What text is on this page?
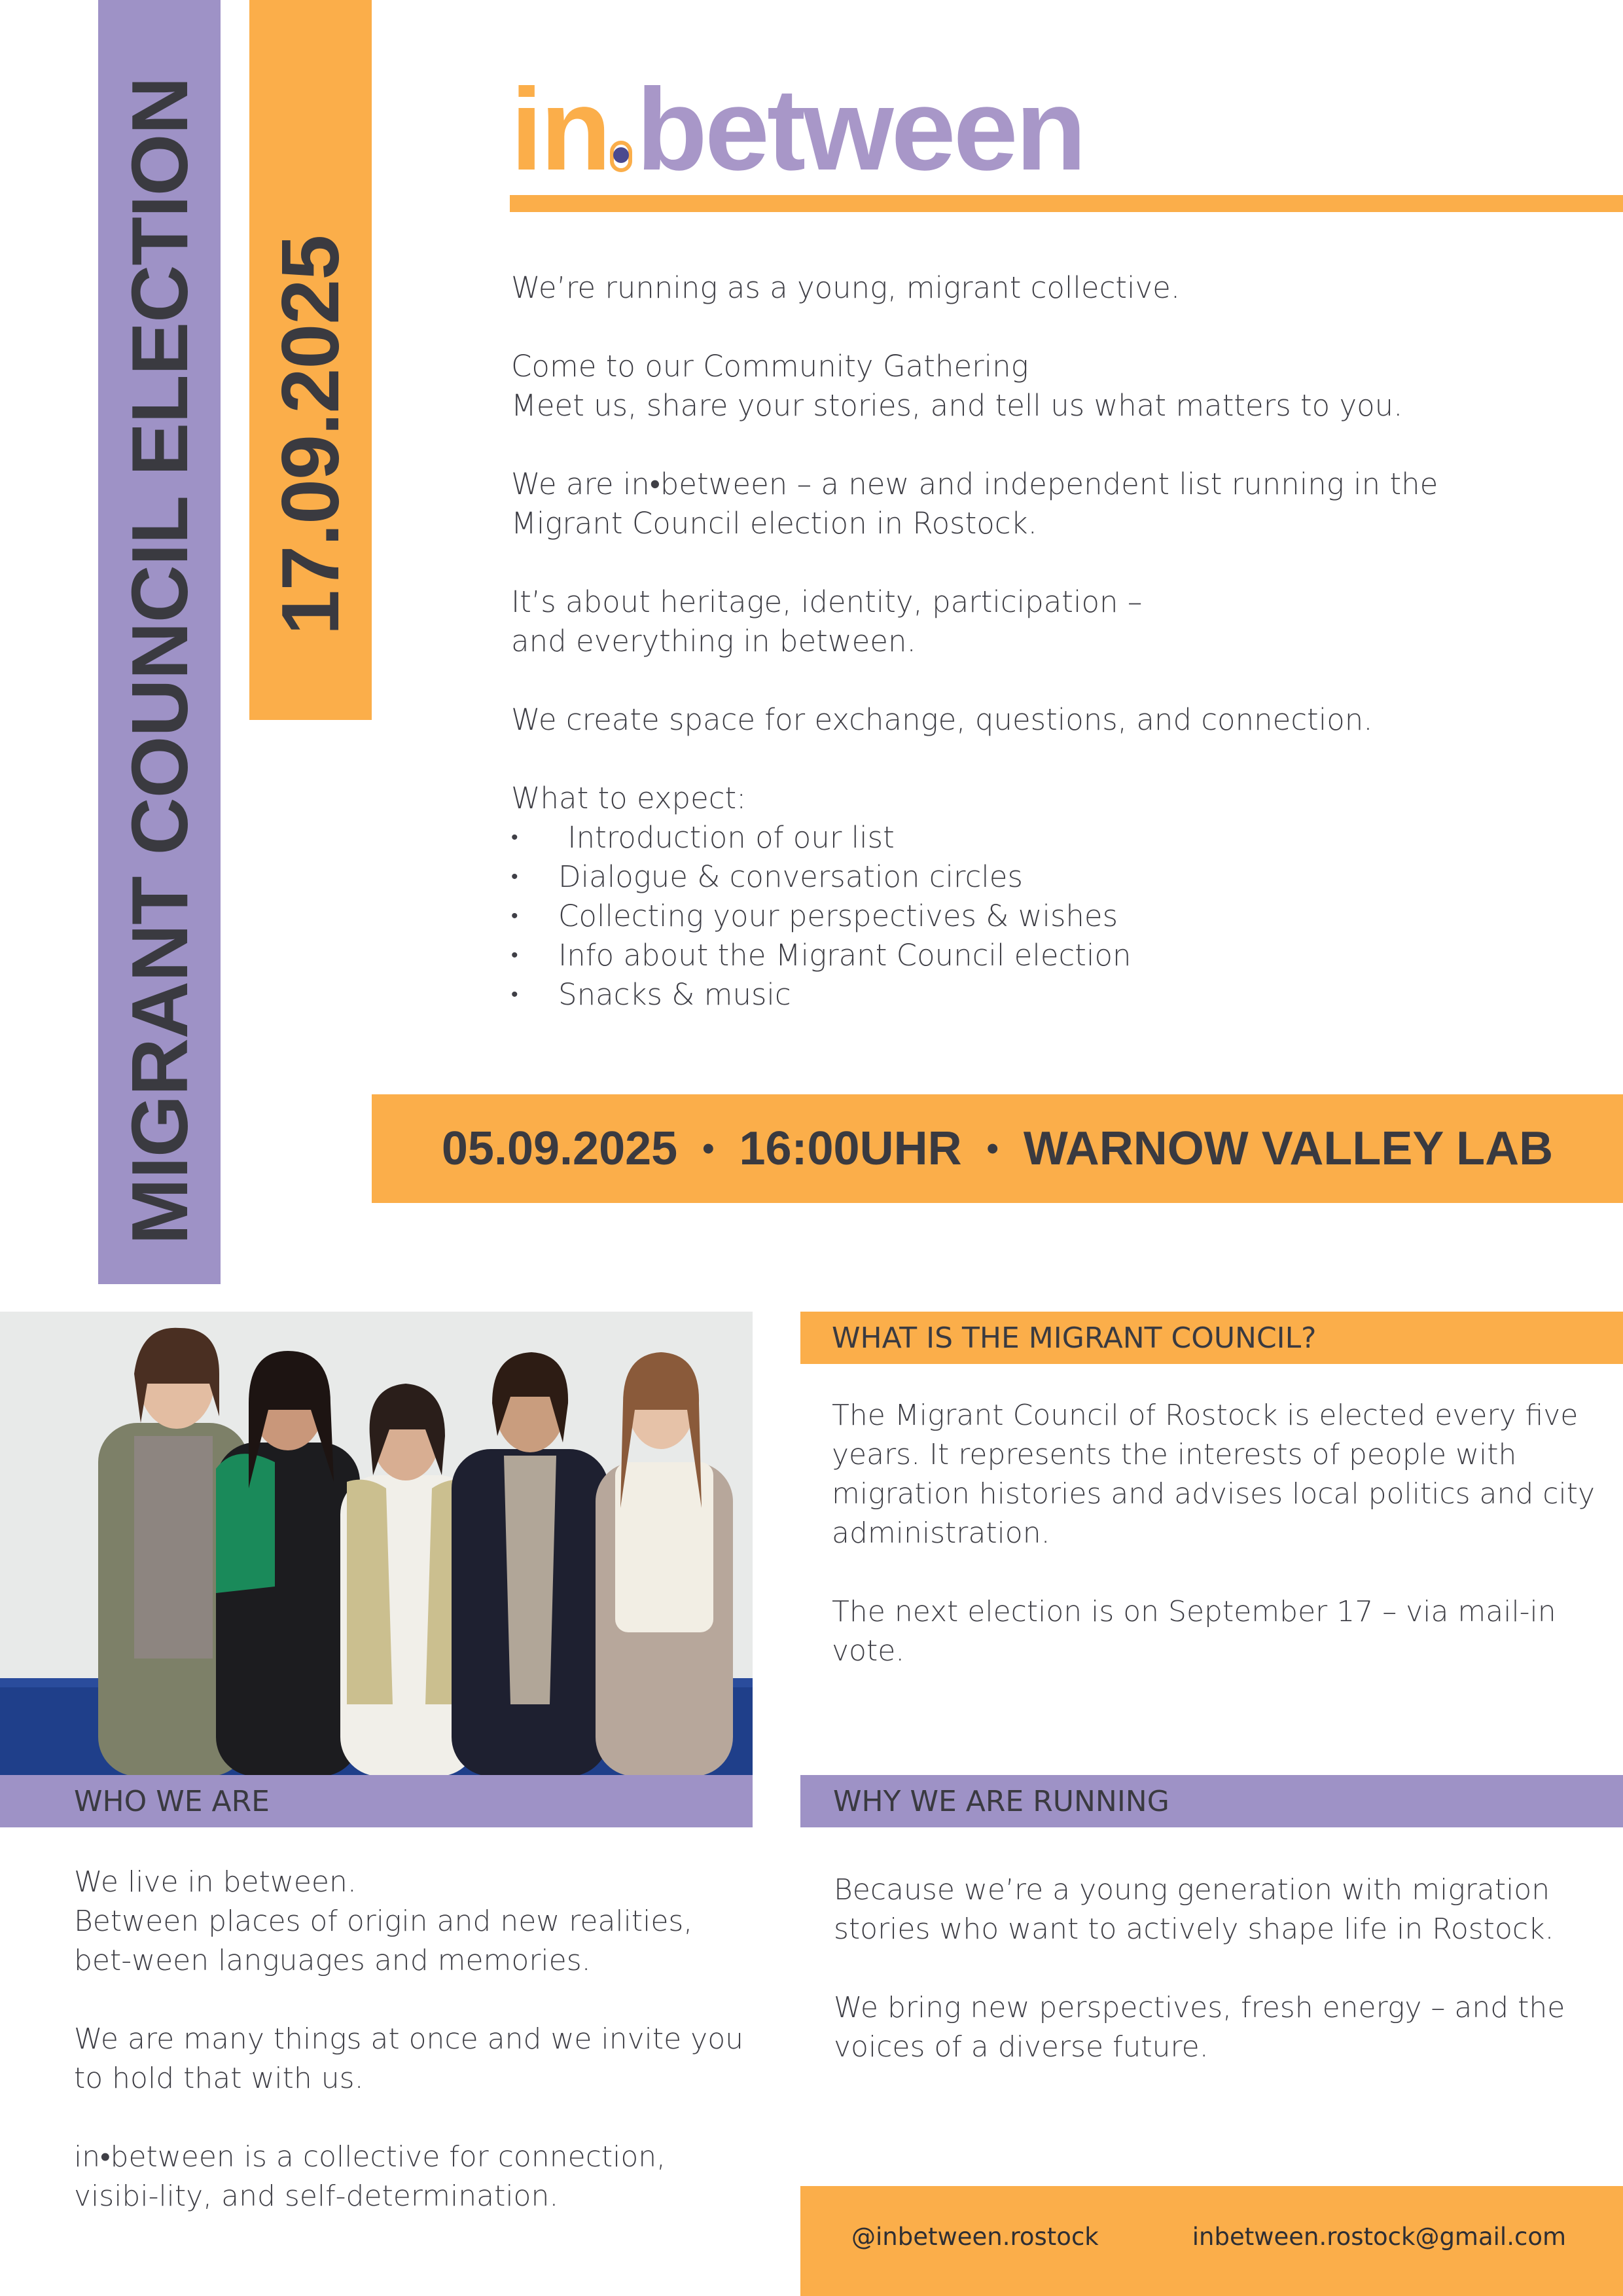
MIGRANT COUNCIL ELECTION 17.09.2025
in between

We’re running as a young, migrant collective.

Come to our Community Gathering
Meet us, share your stories, and tell us what matters to you.

We are in•between – a new and independent list running in the
Migrant Council election in Rostock.

It’s about heritage, identity, participation –
and everything in between.

We create space for exchange, questions, and connection.

What to expect:
•  Introduction of our list
• Dialogue & conversation circles
• Collecting your perspectives & wishes
• Info about the Migrant Council election
• Snacks & music
05.09.2025 • 16:00UHR • WARNOW VALLEY LAB
WHAT IS THE MIGRANT COUNCIL?
WHO WE ARE	WHY WE ARE RUNNING

The Migrant Council of Rostock is elected every five years. It represents the interests of people with migration histories and advises local politics and city administration.

The next election is on September 17 – via mail-in vote.

We live in between.
Between places of origin and new realities, bet-ween languages and memories.

We are many things at once and we invite you to hold that with us.

in•between is a collective for connection, visibi-lity, and self-determination.

Because we’re a young generation with migration stories who want to actively shape life in Rostock.

We bring new perspectives, fresh energy – and the voices of a diverse future.

@inbetween.rostock	inbetween.rostock@gmail.com
